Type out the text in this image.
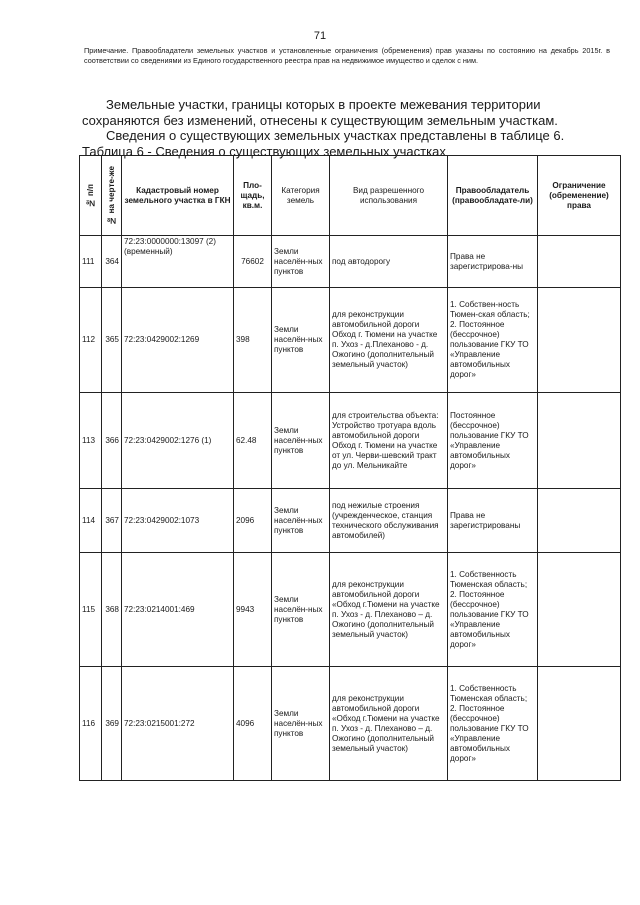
71
Примечание. Правообладатели земельных участков и установленные ограничения (обременения) прав указаны по состоянию на декабрь 2015г. в соответствии со сведениями из Единого государственного реестра прав на недвижимое имущество и сделок с ним.
Земельные участки, границы которых в проекте межевания территории сохраняются без изменений, отнесены к существующим земельным участкам.
Сведения о существующих земельных участках представлены в таблице 6.
Таблица 6 - Сведения о существующих земельных участках
№ п/п	№ на черте-же	Кадастровый номер земельного участка в ГКН	Пло-щадь, кв.м.	Категория земель	Вид разрешенного использования	Правообладатель (правообладате-ли)	Ограничение (обременение) права
111	364	72:23:0000000:13097 (2) (временный)	76602	Земли населён-ных пунктов	под автодорогу	Права не зарегистрирова-ны	
112	365	72:23:0429002:1269	398	Земли населён-ных пунктов	для реконструкции автомобильной дороги Обход г. Тюмени на участке п. Ухоз - д.Плеханово - д. Ожогино (дополнительный земельный участок)	1. Собствен-ность Тюмен-ская область; 2. Постоянное (бессрочное) пользование ГКУ ТО «Управление автомобильных дорог»	
113	366	72:23:0429002:1276 (1)	62.48	Земли населён-ных пунктов	для строительства объекта: Устройство тротуара вдоль автомобильной дороги Обход г. Тюмени на участке от ул. Черви-шевский тракт до ул. Мельникайте	Постоянное (бессрочное) пользование ГКУ ТО «Управление автомобильных дорог»	
114	367	72:23:0429002:1073	2096	Земли населён-ных пунктов	под нежилые строения (учрежденческое, станция технического обслуживания автомобилей)	Права не зарегистрированы	
115	368	72:23:0214001:469	9943	Земли населён-ных пунктов	для реконструкции автомобильной дороги «Обход г.Тюмени на участке п. Ухоз - д. Плеханово – д. Ожогино (дополнительный земельный участок)	1. Собственность Тюменская область; 2. Постоянное (бессрочное) пользование ГКУ ТО «Управление автомобильных дорог»	
116	369	72:23:0215001:272	4096	Земли населён-ных пунктов	для реконструкции автомобильной дороги «Обход г.Тюмени на участке п. Ухоз - д. Плеханово – д. Ожогино (дополнительный земельный участок)	1. Собственность Тюменская область; 2. Постоянное (бессрочное) пользование ГКУ ТО «Управление автомобильных дорог»	
